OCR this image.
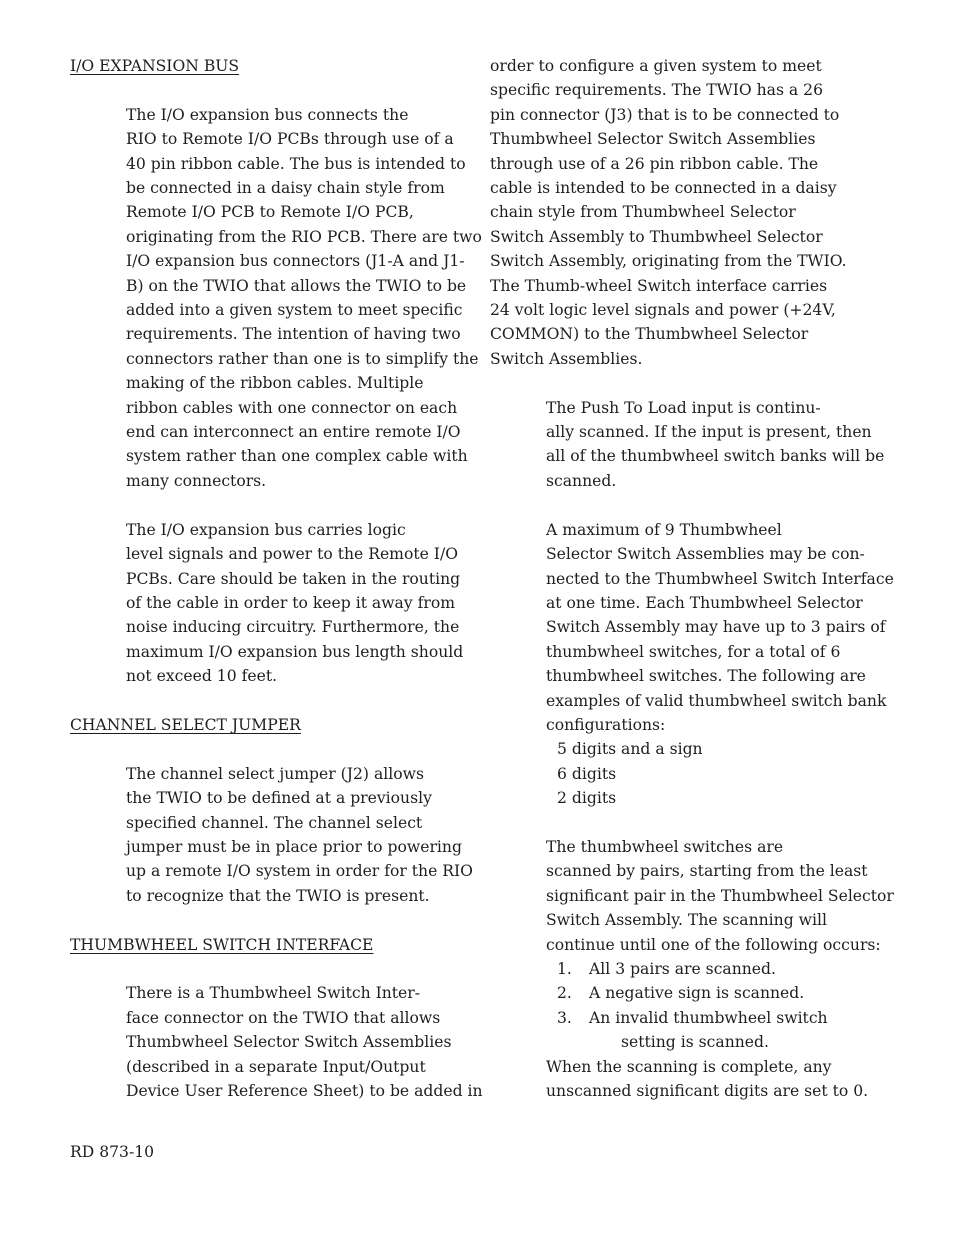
I/O EXPANSION BUS

The I/O expansion bus connects the
RIO to Remote I/O PCBs through use of a
40 pin ribbon cable. The bus is intended to
be connected in a daisy chain style from
Remote I/O PCB to Remote I/O PCB,
originating from the RIO PCB. There are two
I/O expansion bus connectors (J1-A and J1-
B) on the TWIO that allows the TWIO to be
added into a given system to meet specific
requirements. The intention of having two
connectors rather than one is to simplify the
making of the ribbon cables. Multiple
ribbon cables with one connector on each
end can interconnect an entire remote I/O
system rather than one complex cable with
many connectors.

The I/O expansion bus carries logic
level signals and power to the Remote I/O
PCBs. Care should be taken in the routing
of the cable in order to keep it away from
noise inducing circuitry. Furthermore, the
maximum I/O expansion bus length should
not exceed 10 feet.

CHANNEL SELECT JUMPER

The channel select jumper (J2) allows
the TWIO to be defined at a previously
specified channel. The channel select
jumper must be in place prior to powering
up a remote I/O system in order for the RIO
to recognize that the TWIO is present.

THUMBWHEEL SWITCH INTERFACE

There is a Thumbwheel Switch Inter-
face connector on the TWIO that allows
Thumbwheel Selector Switch Assemblies
(described in a separate Input/Output
Device User Reference Sheet) to be added in

order to configure a given system to meet
specific requirements. The TWIO has a 26
pin connector (J3) that is to be connected to
Thumbwheel Selector Switch Assemblies
through use of a 26 pin ribbon cable. The
cable is intended to be connected in a daisy
chain style from Thumbwheel Selector
Switch Assembly to Thumbwheel Selector
Switch Assembly, originating from the TWIO.
The Thumb-wheel Switch interface carries
24 volt logic level signals and power (+24V,
COMMON) to the Thumbwheel Selector
Switch Assemblies.

The Push To Load input is continu-
ally scanned. If the input is present, then
all of the thumbwheel switch banks will be
scanned.

A maximum of 9 Thumbwheel
Selector Switch Assemblies may be con-
nected to the Thumbwheel Switch Interface
at one time. Each Thumbwheel Selector
Switch Assembly may have up to 3 pairs of
thumbwheel switches, for a total of 6
thumbwheel switches. The following are
examples of valid thumbwheel switch bank
configurations:

5 digits and a sign

6 digits

2 digits

The thumbwheel switches are
scanned by pairs, starting from the least
significant pair in the Thumbwheel Selector
Switch Assembly. The scanning will
continue until one of the following occurs:

1. All 3 pairs are scanned.

2. A negative sign is scanned.

3. An invalid thumbwheel switch
setting is scanned.

When the scanning is complete, any
unscanned significant digits are set to 0.

RD 873-10
